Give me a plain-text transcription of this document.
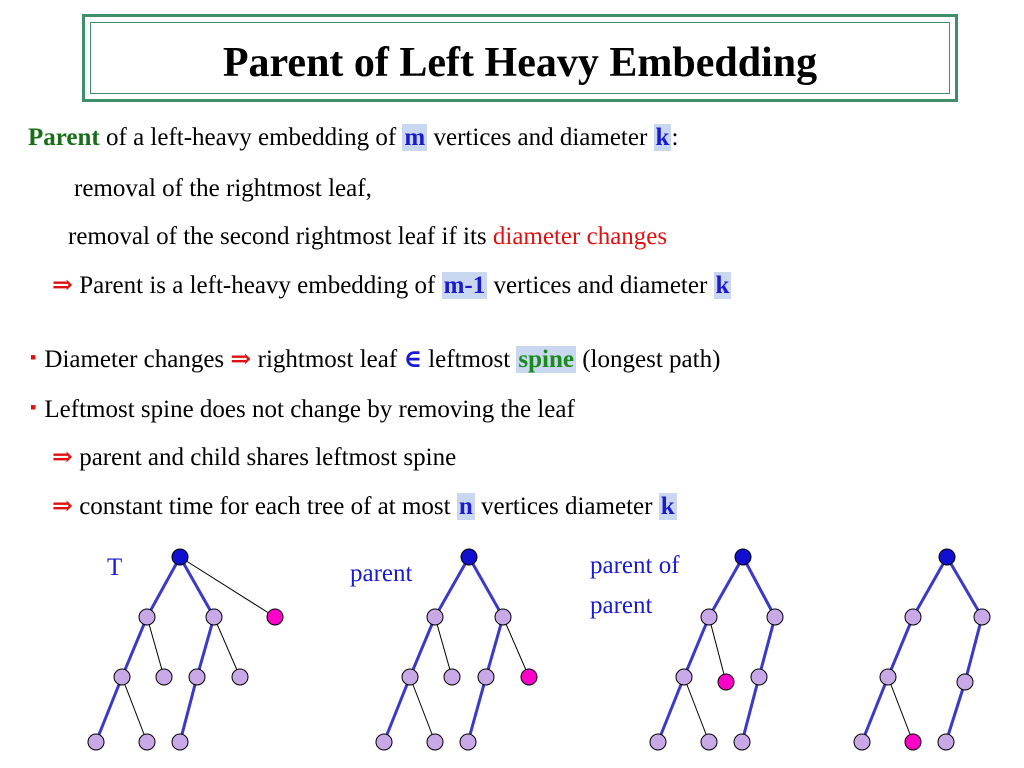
Parent of Left Heavy Embedding
Parent of a left-heavy embedding of m vertices and diameter k:
removal of the rightmost leaf,
removal of the second rightmost leaf if its diameter changes
⇒ Parent is a left-heavy embedding of m-1 vertices and diameter k
▪ Diameter changes ⇒ rightmost leaf ∈ leftmost spine (longest path)
▪ Leftmost spine does not change by removing the leaf
⇒ parent and child shares leftmost spine
⇒ constant time for each tree of at most n vertices diameter k
T	parent	parent of
parent
